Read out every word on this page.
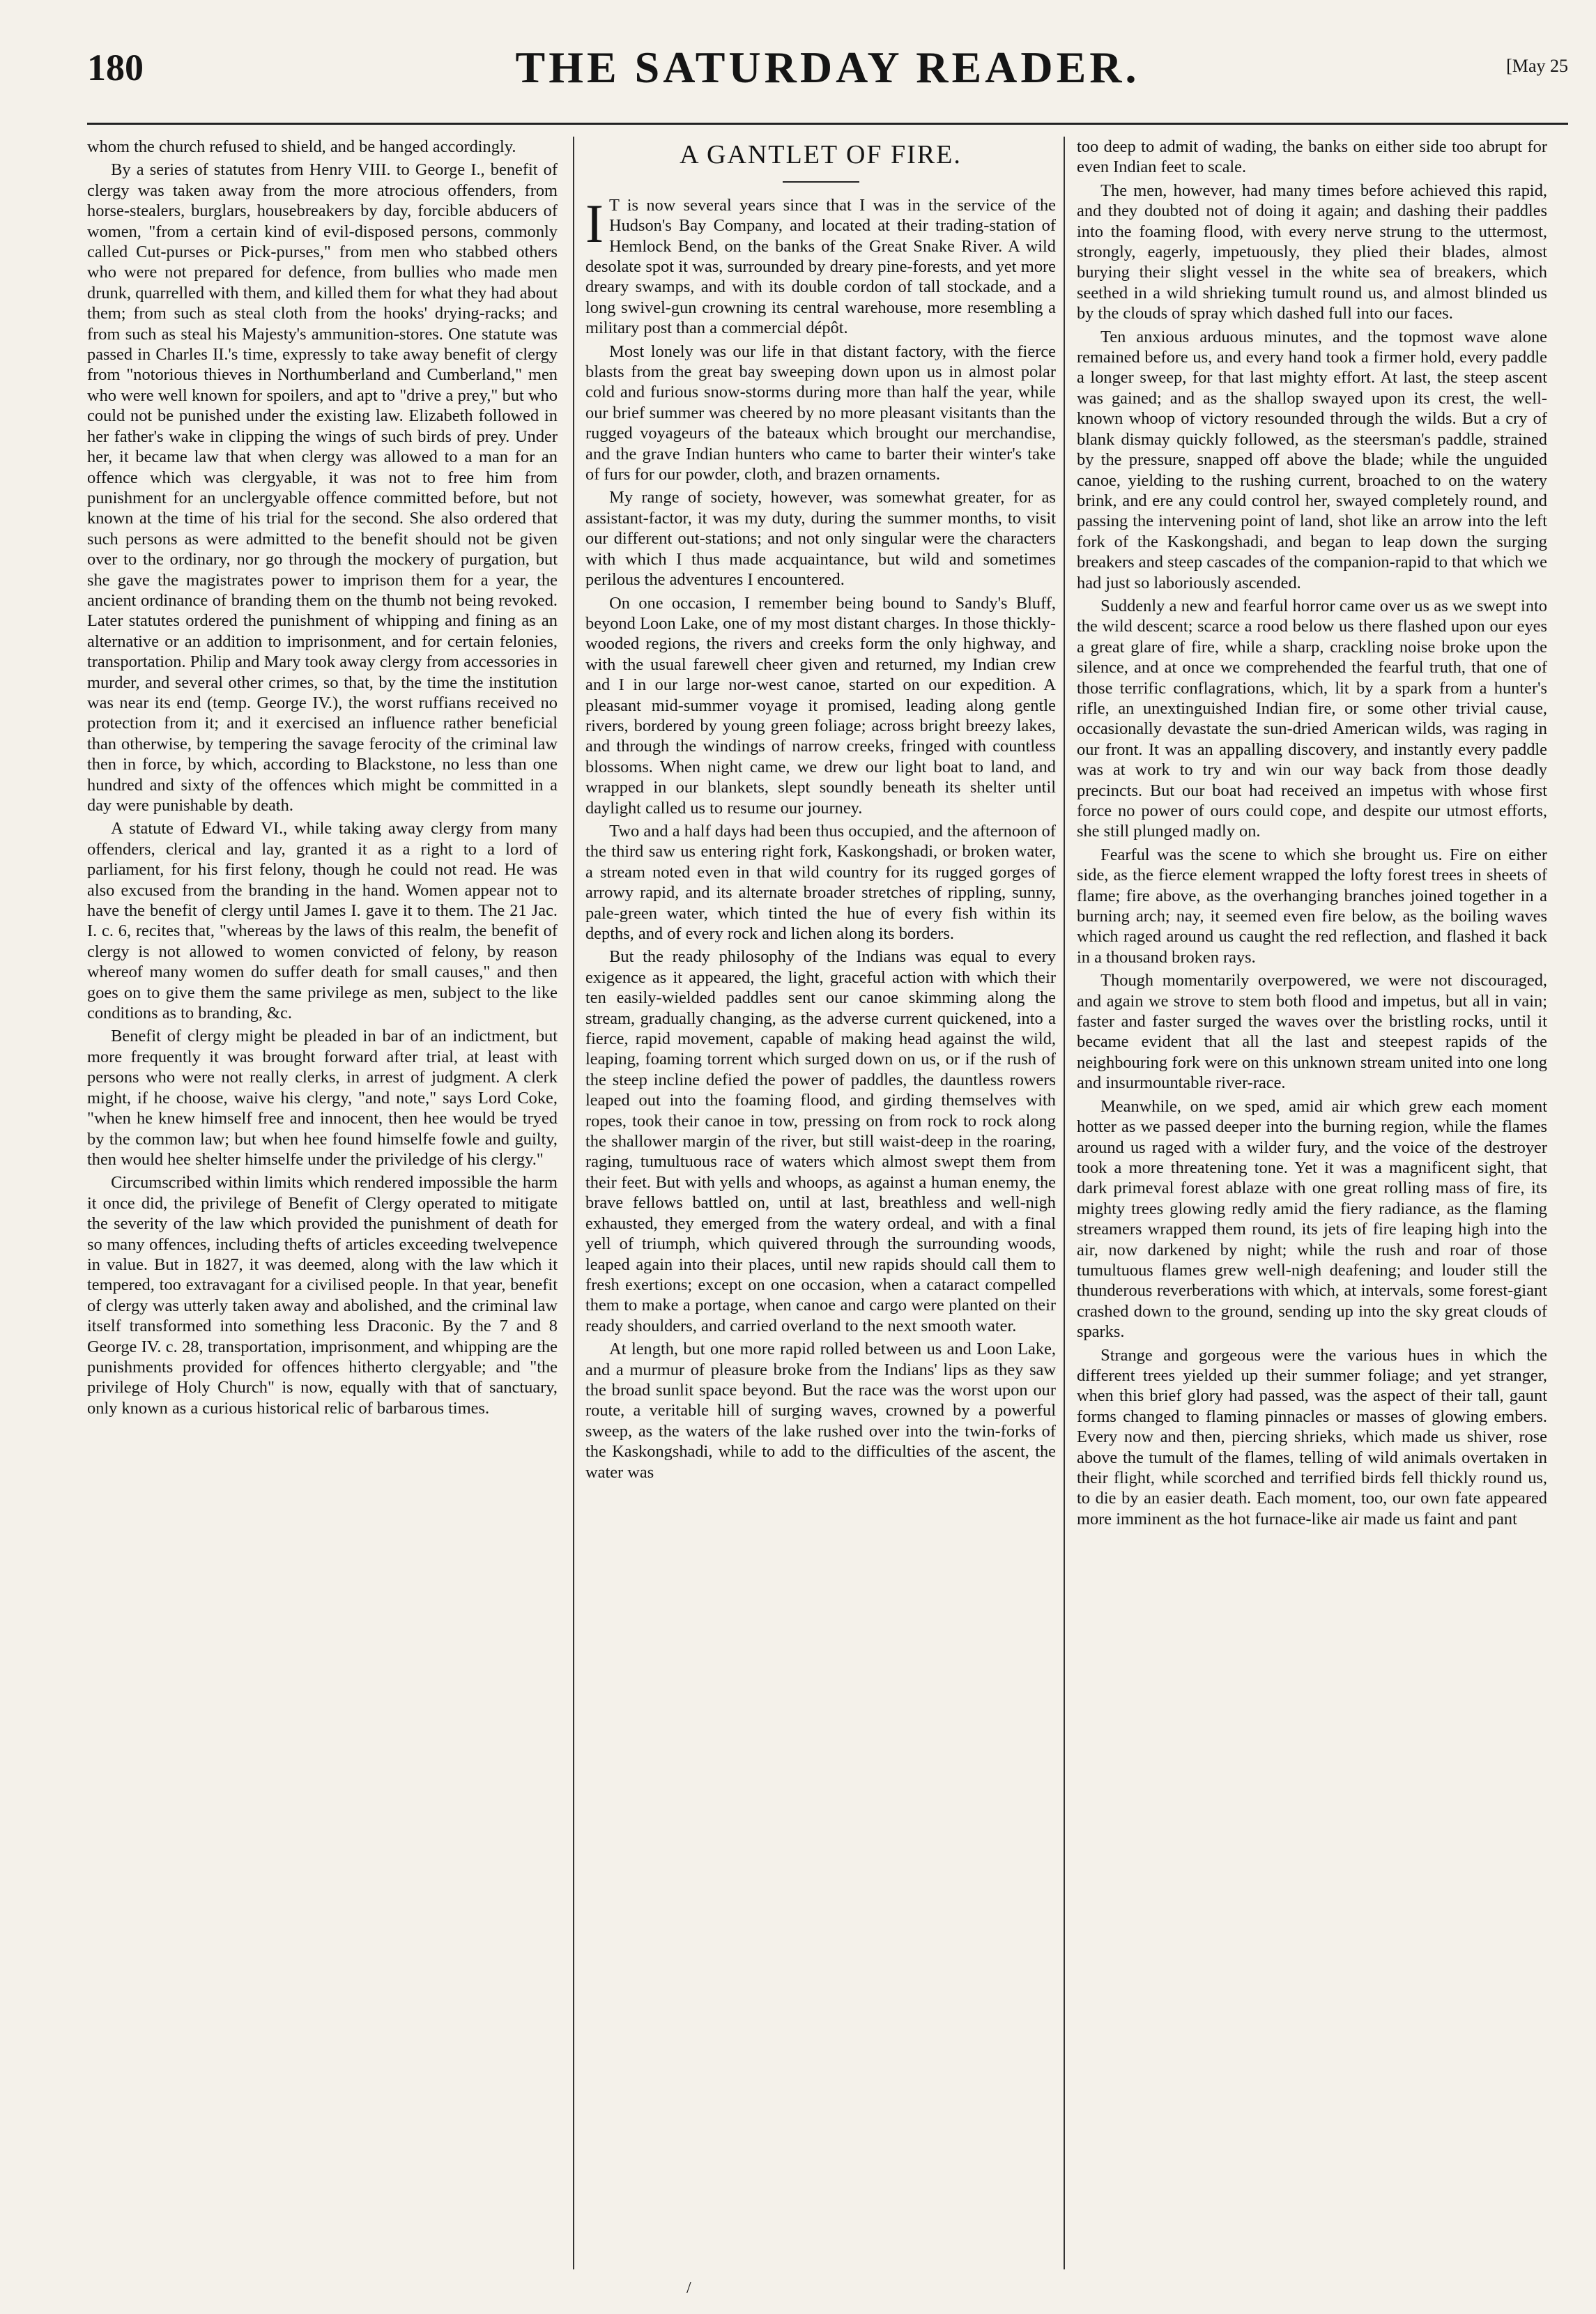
180	THE SATURDAY READER.	[May 25

whom the church refused to shield, and be hanged accordingly.

By a series of statutes from Henry VIII. to George I., benefit of clergy was taken away from the more atrocious offenders, from horse-stealers, burglars, housebreakers by day, forcible abducers of women, "from a certain kind of evil-disposed persons, commonly called Cut-purses or Pick-purses," from men who stabbed others who were not prepared for defence, from bullies who made men drunk, quarrelled with them, and killed them for what they had about them; from such as steal cloth from the hooks' drying-racks; and from such as steal his Majesty's ammunition-stores. One statute was passed in Charles II.'s time, expressly to take away benefit of clergy from "notorious thieves in Northumberland and Cumberland," men who were well known for spoilers, and apt to "drive a prey," but who could not be punished under the existing law. Elizabeth followed in her father's wake in clipping the wings of such birds of prey. Under her, it became law that when clergy was allowed to a man for an offence which was clergyable, it was not to free him from punishment for an unclergyable offence committed before, but not known at the time of his trial for the second. She also ordered that such persons as were admitted to the benefit should not be given over to the ordinary, nor go through the mockery of purgation, but she gave the magistrates power to imprison them for a year, the ancient ordinance of branding them on the thumb not being revoked. Later statutes ordered the punishment of whipping and fining as an alternative or an addition to imprisonment, and for certain felonies, transportation. Philip and Mary took away clergy from accessories in murder, and several other crimes, so that, by the time the institution was near its end (temp. George IV.), the worst ruffians received no protection from it; and it exercised an influence rather beneficial than otherwise, by tempering the savage ferocity of the criminal law then in force, by which, according to Blackstone, no less than one hundred and sixty of the offences which might be committed in a day were punishable by death.

A statute of Edward VI., while taking away clergy from many offenders, clerical and lay, granted it as a right to a lord of parliament, for his first felony, though he could not read. He was also excused from the branding in the hand. Women appear not to have the benefit of clergy until James I. gave it to them. The 21 Jac. I. c. 6, recites that, "whereas by the laws of this realm, the benefit of clergy is not allowed to women convicted of felony, by reason whereof many women do suffer death for small causes," and then goes on to give them the same privilege as men, subject to the like conditions as to branding, &c.

Benefit of clergy might be pleaded in bar of an indictment, but more frequently it was brought forward after trial, at least with persons who were not really clerks, in arrest of judgment. A clerk might, if he choose, waive his clergy, "and note," says Lord Coke, "when he knew himself free and innocent, then hee would be tryed by the common law; but when hee found himselfe fowle and guilty, then would hee shelter himselfe under the priviledge of his clergy."

Circumscribed within limits which rendered impossible the harm it once did, the privilege of Benefit of Clergy operated to mitigate the severity of the law which provided the punishment of death for so many offences, including thefts of articles exceeding twelvepence in value. But in 1827, it was deemed, along with the law which it tempered, too extravagant for a civilised people. In that year, benefit of clergy was utterly taken away and abolished, and the criminal law itself transformed into something less Draconic. By the 7 and 8 George IV. c. 28, transportation, imprisonment, and whipping are the punishments provided for offences hitherto clergyable; and "the privilege of Holy Church" is now, equally with that of sanctuary, only known as a curious historical relic of barbarous times.

A GANTLET OF FIRE.

I T is now several years since that I was in the service of the Hudson's Bay Company, and located at their trading-station of Hemlock Bend, on the banks of the Great Snake River. A wild desolate spot it was, surrounded by dreary pine-forests, and yet more dreary swamps, and with its double cordon of tall stockade, and a long swivel-gun crowning its central warehouse, more resembling a military post than a commercial dépôt.

Most lonely was our life in that distant factory, with the fierce blasts from the great bay sweeping down upon us in almost polar cold and furious snow-storms during more than half the year, while our brief summer was cheered by no more pleasant visitants than the rugged voyageurs of the bateaux which brought our merchandise, and the grave Indian hunters who came to barter their winter's take of furs for our powder, cloth, and brazen ornaments.

My range of society, however, was somewhat greater, for as assistant-factor, it was my duty, during the summer months, to visit our different out-stations; and not only singular were the characters with which I thus made acquaintance, but wild and sometimes perilous the adventures I encountered.

On one occasion, I remember being bound to Sandy's Bluff, beyond Loon Lake, one of my most distant charges. In those thickly-wooded regions, the rivers and creeks form the only highway, and with the usual farewell cheer given and returned, my Indian crew and I in our large nor-west canoe, started on our expedition. A pleasant mid-summer voyage it promised, leading along gentle rivers, bordered by young green foliage; across bright breezy lakes, and through the windings of narrow creeks, fringed with countless blossoms. When night came, we drew our light boat to land, and wrapped in our blankets, slept soundly beneath its shelter until daylight called us to resume our journey.

Two and a half days had been thus occupied, and the afternoon of the third saw us entering right fork, Kaskongshadi, or broken water, a stream noted even in that wild country for its rugged gorges of arrowy rapid, and its alternate broader stretches of rippling, sunny, pale-green water, which tinted the hue of every fish within its depths, and of every rock and lichen along its borders.

But the ready philosophy of the Indians was equal to every exigence as it appeared, the light, graceful action with which their ten easily-wielded paddles sent our canoe skimming along the stream, gradually changing, as the adverse current quickened, into a fierce, rapid movement, capable of making head against the wild, leaping, foaming torrent which surged down on us, or if the rush of the steep incline defied the power of paddles, the dauntless rowers leaped out into the foaming flood, and girding themselves with ropes, took their canoe in tow, pressing on from rock to rock along the shallower margin of the river, but still waist-deep in the roaring, raging, tumultuous race of waters which almost swept them from their feet. But with yells and whoops, as against a human enemy, the brave fellows battled on, until at last, breathless and well-nigh exhausted, they emerged from the watery ordeal, and with a final yell of triumph, which quivered through the surrounding woods, leaped again into their places, until new rapids should call them to fresh exertions; except on one occasion, when a cataract compelled them to make a portage, when canoe and cargo were planted on their ready shoulders, and carried overland to the next smooth water.

At length, but one more rapid rolled between us and Loon Lake, and a murmur of pleasure broke from the Indians' lips as they saw the broad sunlit space beyond. But the race was the worst upon our route, a veritable hill of surging waves, crowned by a powerful sweep, as the waters of the lake rushed over into the twin-forks of the Kaskongshadi, while to add to the difficulties of the ascent, the water was

too deep to admit of wading, the banks on either side too abrupt for even Indian feet to scale.

The men, however, had many times before achieved this rapid, and they doubted not of doing it again; and dashing their paddles into the foaming flood, with every nerve strung to the uttermost, strongly, eagerly, impetuously, they plied their blades, almost burying their slight vessel in the white sea of breakers, which seethed in a wild shrieking tumult round us, and almost blinded us by the clouds of spray which dashed full into our faces.

Ten anxious arduous minutes, and the topmost wave alone remained before us, and every hand took a firmer hold, every paddle a longer sweep, for that last mighty effort. At last, the steep ascent was gained; and as the shallop swayed upon its crest, the well-known whoop of victory resounded through the wilds. But a cry of blank dismay quickly followed, as the steersman's paddle, strained by the pressure, snapped off above the blade; while the unguided canoe, yielding to the rushing current, broached to on the watery brink, and ere any could control her, swayed completely round, and passing the intervening point of land, shot like an arrow into the left fork of the Kaskongshadi, and began to leap down the surging breakers and steep cascades of the companion-rapid to that which we had just so laboriously ascended.

Suddenly a new and fearful horror came over us as we swept into the wild descent; scarce a rood below us there flashed upon our eyes a great glare of fire, while a sharp, crackling noise broke upon the silence, and at once we comprehended the fearful truth, that one of those terrific conflagrations, which, lit by a spark from a hunter's rifle, an unextinguished Indian fire, or some other trivial cause, occasionally devastate the sun-dried American wilds, was raging in our front. It was an appalling discovery, and instantly every paddle was at work to try and win our way back from those deadly precincts. But our boat had received an impetus with whose first force no power of ours could cope, and despite our utmost efforts, she still plunged madly on.

Fearful was the scene to which she brought us. Fire on either side, as the fierce element wrapped the lofty forest trees in sheets of flame; fire above, as the overhanging branches joined together in a burning arch; nay, it seemed even fire below, as the boiling waves which raged around us caught the red reflection, and flashed it back in a thousand broken rays.

Though momentarily overpowered, we were not discouraged, and again we strove to stem both flood and impetus, but all in vain; faster and faster surged the waves over the bristling rocks, until it became evident that all the last and steepest rapids of the neighbouring fork were on this unknown stream united into one long and insurmountable river-race.

Meanwhile, on we sped, amid air which grew each moment hotter as we passed deeper into the burning region, while the flames around us raged with a wilder fury, and the voice of the destroyer took a more threatening tone. Yet it was a magnificent sight, that dark primeval forest ablaze with one great rolling mass of fire, its mighty trees glowing redly amid the fiery radiance, as the flaming streamers wrapped them round, its jets of fire leaping high into the air, now darkened by night; while the rush and roar of those tumultuous flames grew well-nigh deafening; and louder still the thunderous reverberations with which, at intervals, some forest-giant crashed down to the ground, sending up into the sky great clouds of sparks.

Strange and gorgeous were the various hues in which the different trees yielded up their summer foliage; and yet stranger, when this brief glory had passed, was the aspect of their tall, gaunt forms changed to flaming pinnacles or masses of glowing embers. Every now and then, piercing shrieks, which made us shiver, rose above the tumult of the flames, telling of wild animals overtaken in their flight, while scorched and terrified birds fell thickly round us, to die by an easier death. Each moment, too, our own fate appeared more imminent as the hot furnace-like air made us faint and pant

/
